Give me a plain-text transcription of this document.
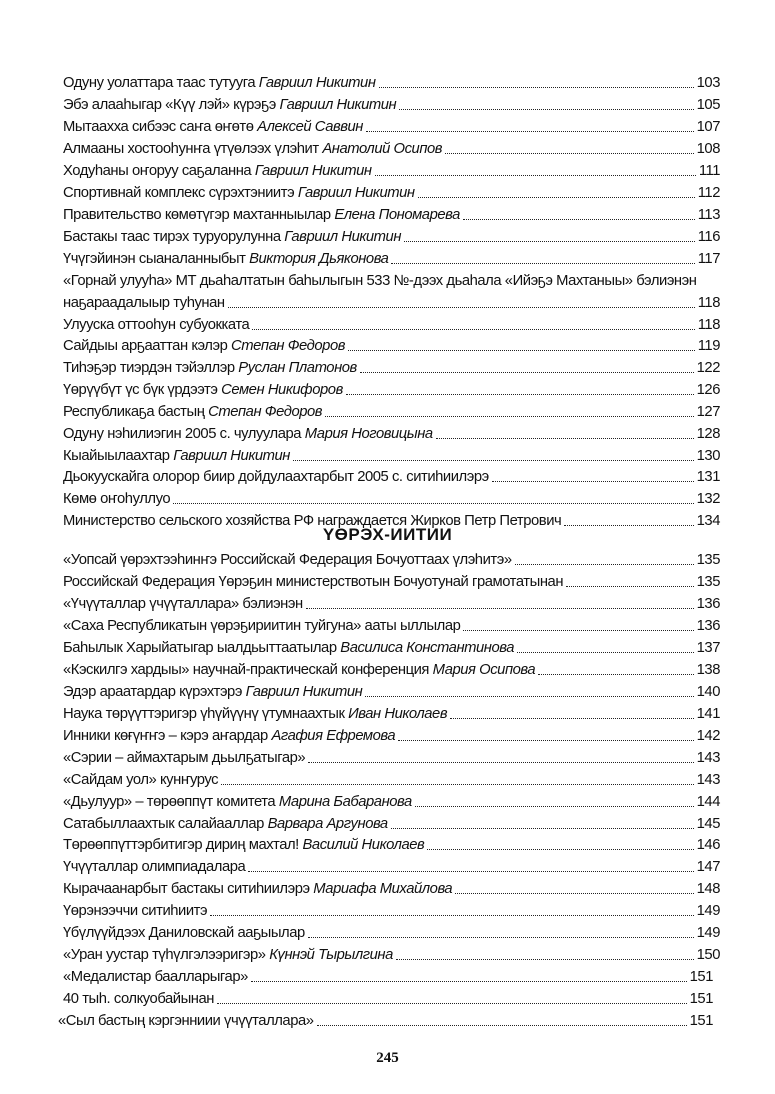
Одуну уолаттара таас тутууга Гавриил Никитин	103
Эбэ алааһыгар «Күү лэй» күрэҕэ Гавриил Никитин	105
Мытаахха сибээс саҥа өҥөтө Алексей Саввин	107
Алмааны хостооһунҥа үтүөлээх үлэһит Анатолий Осипов	108
Ходуһаны оҥоруу саҕаланна Гавриил Никитин	111
Спортивнай комплекс сүрэхтэниитэ Гавриил Никитин	112
Правительство көмөтүгэр махтанныылар Елена Пономарева	113
Бастакы таас тирэх туруорулунна Гавриил Никитин	116
Үчүгэйинэн сыаналанныбыт Виктория Дьяконова	117
«Горнай улууһа» МТ дьаһалтатын баһылыгын 533 №-дээх дьаһала «Ийэҕэ Махтаныы» бэлиэнэн
наҕараадалыыр туһунан	118
Улууска оттооһун субуокката	118
Сайдыы арҕааттан кэлэр Степан Федоров	119
Тиһэҕэр тиэрдэн тэйэллэр Руслан Платонов	122
Үөрүүбүт үс бүк үрдээтэ Семен Никифоров	126
Республикаҕа бастың Степан Федоров	127
Одуну нэһилиэгин 2005 с. чулуулара Мария Ноговицына	128
Кыайыылаахтар Гавриил Никитин	130
Дьокуускайга олорор биир дойдулаахтарбыт 2005 с. ситиһиилэрэ	131
Көмө оҥоһуллуо	132
Министерство сельского хозяйства РФ награждается Жирков Петр Петрович	134
«Уопсай үөрэхтээһинҥэ Российскай Федерация Бочуоттаах үлэһитэ»	135
Российскай Федерация Үөрэҕин министерствотын Бочуотунай грамотатынан	135
«Үчүүталлар үчүүталлара» бэлиэнэн	136
«Саха Республикатын үөрэҕириитин туйгуна» ааты ыллылар	136
Баһылык Харыйатыгар ыалдьыттаатылар Василиса Константинова	137
«Кэскилгэ хардыы» научнай-практическай конференция Мария Осипова	138
Эдэр араатардар күрэхтэрэ Гавриил Никитин	140
Наука төрүүттэригэр үһүйүүнү үтумнаахтык Иван Николаев	141
Инники көғүҥҥэ – кэрэ аҥардар Агафия Ефремова	142
«Сэрии – аймахтарым дьылҕатыгар»	143
«Сайдам уол» кунҥурус	143
«Дьулуур» – төрөөппүт комитета Марина Бабаранова	144
Сатабыллаахтык салайааллар Варвара Аргунова	145
Төрөөппүттэрбитигэр дириң махтал! Василий Николаев	146
Үчүүталлар олимпиадалара	147
Кырачаанарбыт бастакы ситиһиилэрэ Мариафа Михайлова	148
Үөрэнээччи ситиһиитэ	149
Үбүлүүйдээх Даниловскай ааҕыылар	149
«Уран уустар түһүлгэлээригэр» Күннэй Тырылгина	150
«Медалистар баалларыгар»	151
40 тыһ. солкуобайынан	151
«Сыл бастың кэргэнниии үчүүталлара»	151
YӨРЭХ-ИИТИИ
245
